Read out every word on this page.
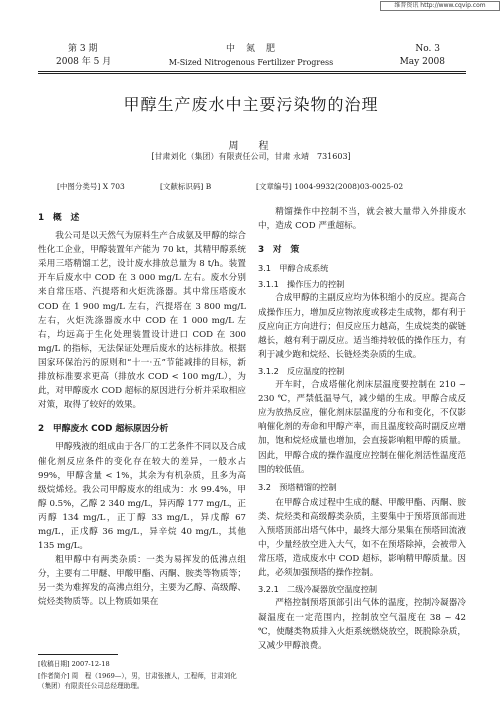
维普资讯 http://www.cqvip.com
第 3 期
2008 年 5 月
中　氮　肥
M-Sized Nitrogenous Fertilizer Progress
No. 3
May 2008
甲醇生产废水中主要污染物的治理
周　程
[甘肃刘化（集团）有限责任公司，甘肃 永靖　731603]
[中图分类号] X 703	[文献标识码] B	[文章编号] 1004-9932(2008)03-0025-02
1　概　述

我公司是以天然气为原料生产合成氨及甲醇的综合性化工企业，甲醇装置年产能为 70 kt，其精甲醇系统采用三塔精馏工艺，设计废水排放总量为 8 t/h。装置开车后废水中 COD 在 3 000 mg/L 左右。废水分别来自常压塔、汽提塔和火炬洗涤器。其中常压塔废水 COD 在 1 900 mg/L 左右，汽提塔在 3 800 mg/L 左右，火炬洗涤器废水中 COD 在 1 000 mg/L 左右，均远高于生化处理装置设计进口 COD 在 300 mg/L 的指标，无法保证处理后废水的达标排放。根据国家环保治污的原则和“十一·五”节能减排的目标，新排放标准要求更高（排放水 COD < 100 mg/L），为此，对甲醇废水 COD 超标的原因进行分析并采取相应对策，取得了较好的效果。

2　甲醇废水 COD 超标原因分析

甲醇残液的组成由于各厂的工艺条件不同以及合成催化剂反应条件的变化存在较大的差异，一般水占 99%，甲醇含量 < 1%，其余为有机杂质，且多为高级烷烯烃。我公司甲醇废水的组成为：水 99.4%，甲醇 0.5%，乙醇 2 340 mg/L，异丙醇 177 mg/L，正丙醇 134 mg/L，正丁醇 33 mg/L，异戊醇 67 mg/L，正戊醇 36 mg/L，异辛烷 40 mg/L，其他 135 mg/L。

粗甲醇中有两类杂质：一类为易挥发的低沸点组分，主要有二甲醚、甲酸甲酯、丙酮、胺类等物质等；另一类为难挥发的高沸点组分，主要为乙醇、高级醇、烷烃类物质等。以上物质如果在

[收稿日期] 2007-12-18
[作者简介] 周　程（1969—），男，甘肃张掖人，工程师，甘肃刘化（集团）有限责任公司总经理助理。

精馏操作中控制不当，就会被大量带入外排废水中，造成 COD 严重超标。

3　对　策
3.1　甲醇合成系统
3.1.1　操作压力的控制

合成甲醇的主副反应均为体积缩小的反应。提高合成操作压力，增加反应物浓度或移走生成物，都有利于反应向正方向进行；但反应压力越高，生成烷类的碳链越长，越有利于副反应。适当维持较低的操作压力，有利于减少跑和烷烃、长链烃类杂质的生成。

3.1.2　反应温度的控制

开车时，合成塔催化剂床层温度要控制在 210 ~ 230 ℃，严禁低温导气，减少蜡的生成。甲醇合成反应为放热反应，催化剂床层温度的分布和变化，不仅影响催化剂的寿命和甲醇产率，而且温度较高时副反应增加，饱和烷烃成量也增加，会直接影响粗甲醇的质量。因此，甲醇合成的操作温度应控制在催化剂活性温度范围的较低值。

3.2　预塔精馏的控制

在甲醇合成过程中生成的醚、甲酸甲酯、丙酮、胺类、烷烃类和高级醇类杂质，主要集中于预塔顶部而进入预塔顶部出塔气体中，最终大部分果集在预塔回流液中，少量经放空进入大气，如不在预塔除掉，会被带入常压塔，造成废水中 COD 超标，影响精甲醇质量。因此，必须加强预塔的操作控制。

3.2.1　二级冷凝器放空温度控制

严格控制预塔顶部引出气体的温度，控制冷凝器冷凝温度在一定范围内，控制放空气温度在 38 ~ 42 ℃，使醚类物质排入火炬系统燃烧放空，既脱除杂质，又减少甲醇浪费。
